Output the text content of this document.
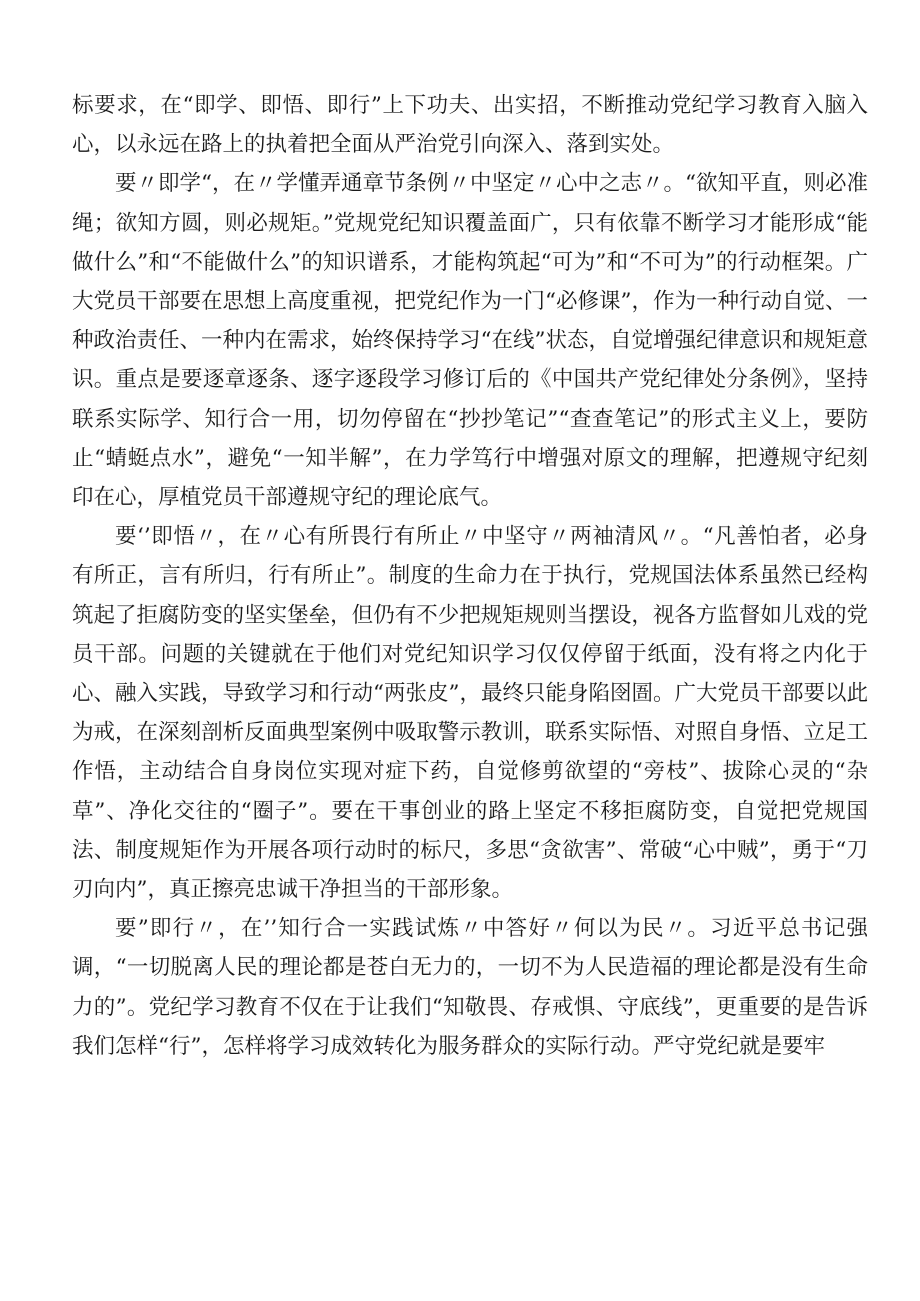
标要求，在“即学、即悟、即行”上下功夫、出实招，不断推动党纪学习教育入脑入心，以永远在路上的执着把全面从严治党引向深入、落到实处。

要〃即学“，在〃学懂弄通章节条例〃中坚定〃心中之志〃。“欲知平直，则必准绳；欲知方圆，则必规矩。”党规党纪知识覆盖面广，只有依靠不断学习才能形成“能做什么”和“不能做什么”的知识谱系，才能构筑起“可为”和“不可为”的行动框架。广大党员干部要在思想上高度重视，把党纪作为一门“必修课”，作为一种行动自觉、一种政治责任、一种内在需求，始终保持学习“在线”状态，自觉增强纪律意识和规矩意识。重点是要逐章逐条、逐字逐段学习修订后的《中国共产党纪律处分条例》，坚持联系实际学、知行合一用，切勿停留在“抄抄笔记”“查查笔记”的形式主义上，要防止“蜻蜓点水”，避免“一知半解”，在力学笃行中增强对原文的理解，把遵规守纪刻印在心，厚植党员干部遵规守纪的理论底气。

要‘’即悟〃，在〃心有所畏行有所止〃中坚守〃两袖清风〃。“凡善怕者，必身有所正，言有所归，行有所止”。制度的生命力在于执行，党规国法体系虽然已经构筑起了拒腐防变的坚实堡垒，但仍有不少把规矩规则当摆设，视各方监督如儿戏的党员干部。问题的关键就在于他们对党纪知识学习仅仅停留于纸面，没有将之内化于心、融入实践，导致学习和行动“两张皮”，最终只能身陷囹圄。广大党员干部要以此为戒，在深刻剖析反面典型案例中吸取警示教训，联系实际悟、对照自身悟、立足工作悟，主动结合自身岗位实现对症下药，自觉修剪欲望的“旁枝”、拔除心灵的“杂草”、净化交往的“圈子”。要在干事创业的路上坚定不移拒腐防变，自觉把党规国法、制度规矩作为开展各项行动时的标尺，多思“贪欲害”、常破“心中贼”，勇于“刀刃向内”，真正擦亮忠诚干净担当的干部形象。

要”即行〃，在’’知行合一实践试炼〃中答好〃何以为民〃。习近平总书记强调，“一切脱离人民的理论都是苍白无力的，一切不为人民造福的理论都是没有生命力的”。党纪学习教育不仅在于让我们“知敬畏、存戒惧、守底线”，更重要的是告诉我们怎样“行”，怎样将学习成效转化为服务群众的实际行动。严守党纪就是要牢
